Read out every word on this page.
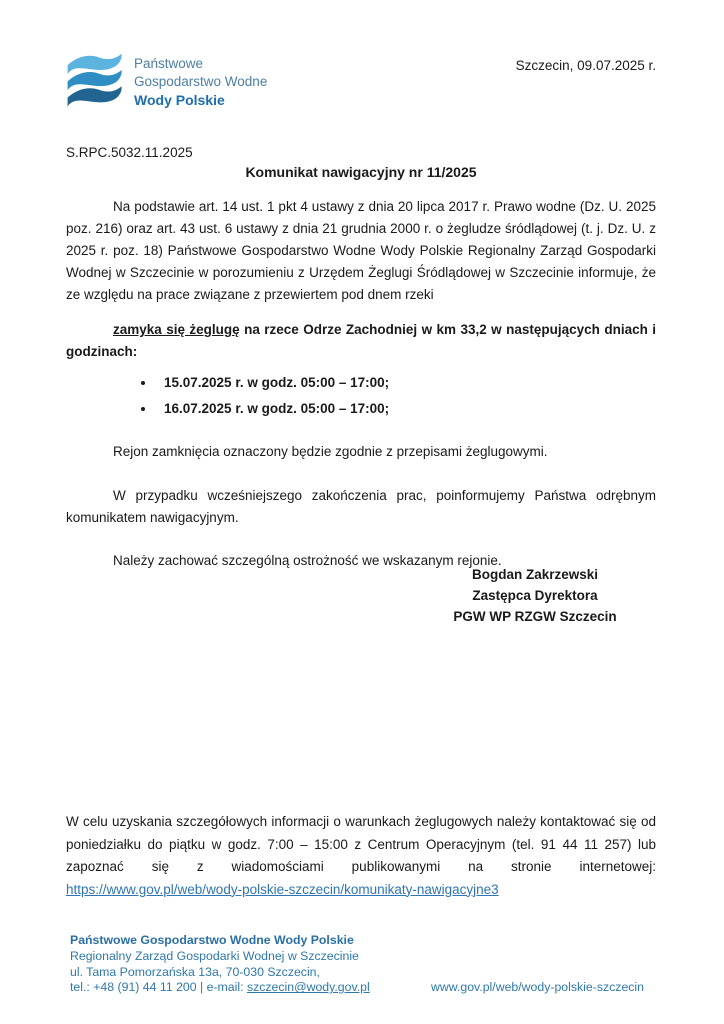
Państwowe
Gospodarstwo Wodne
Wody Polskie
Szczecin, 09.07.2025 r.
S.RPC.5032.11.2025
Komunikat nawigacyjny nr 11/2025

Na podstawie art. 14 ust. 1 pkt 4 ustawy z dnia 20 lipca 2017 r. Prawo wodne (Dz. U. 2025 poz. 216) oraz art. 43 ust. 6 ustawy z dnia 21 grudnia 2000 r. o żegludze śródlądowej (t. j. Dz. U. z 2025 r. poz. 18) Państwowe Gospodarstwo Wodne Wody Polskie Regionalny Zarząd Gospodarki Wodnej w Szczecinie w porozumieniu z Urzędem Żeglugi Śródlądowej w Szczecinie informuje, że ze względu na prace związane z przewiertem pod dnem rzeki

zamyka się żeglugę na rzece Odrze Zachodniej w km 33,2 w następujących dniach i godzinach:

• 15.07.2025 r. w godz. 05:00 – 17:00;
• 16.07.2025 r. w godz. 05:00 – 17:00;

Rejon zamknięcia oznaczony będzie zgodnie z przepisami żeglugowymi.

W przypadku wcześniejszego zakończenia prac, poinformujemy Państwa odrębnym komunikatem nawigacyjnym.

Należy zachować szczególną ostrożność we wskazanym rejonie.

Bogdan Zakrzewski
Zastępca Dyrektora
PGW WP RZGW Szczecin

W celu uzyskania szczegółowych informacji o warunkach żeglugowych należy kontaktować się od poniedziałku do piątku w godz. 7:00 – 15:00 z Centrum Operacyjnym (tel. 91 44 11 257) lub zapoznać się z wiadomościami publikowanymi na stronie internetowej: https://www.gov.pl/web/wody-polskie-szczecin/komunikaty-nawigacyjne3

Państwowe Gospodarstwo Wodne Wody Polskie
Regionalny Zarząd Gospodarki Wodnej w Szczecinie
ul. Tama Pomorzańska 13a, 70-030 Szczecin,
tel.: +48 (91) 44 11 200 | e-mail: szczecin@wody.gov.pl	www.gov.pl/web/wody-polskie-szczecin
